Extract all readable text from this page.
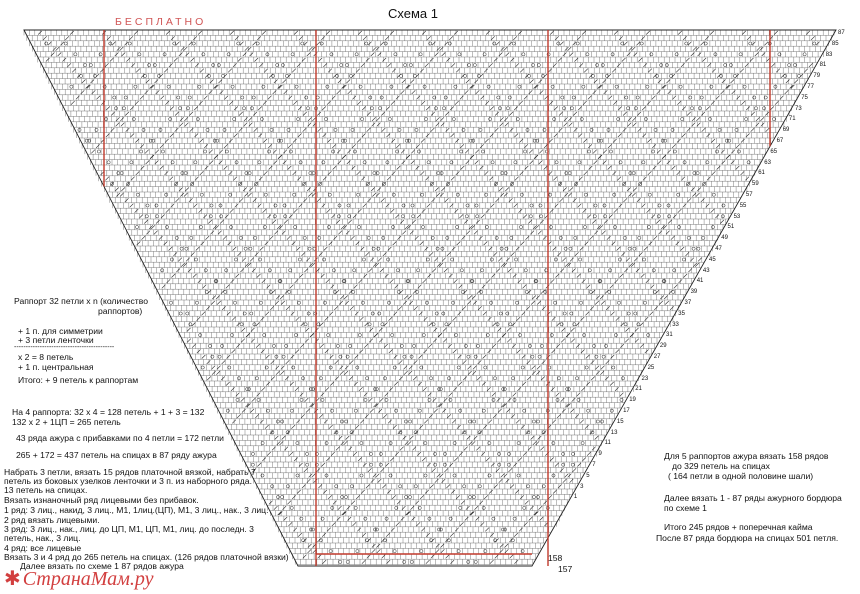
Схема 1
БЕСПЛАТНО
87
85
83
81
79
77
75
73
71
69
67
65
63
61
59
57
55
53
51
49
47
45
43
41
39
37
35
33
31
29
27
25
23
21
19
17
15
13
11
9
7
5
3
1
Раппорт 32 петли х n (количество
раппортов)
+ 1 п. для симметрии
+ 3 петли ленточки
-------------------------------------------
х 2 = 8 петель
+ 1 п. центральная
Итого: + 9 петель к раппортам
На 4 раппорта: 32 х 4 = 128 петель + 1 + 3 = 132
132 х 2 + 1ЦП = 265 петель
43 ряда ажура с прибавками по 4 петли = 172 петли
265 + 172 = 437 петель на спицах в 87 ряду ажура
Набрать 3 петли, вязать 15 рядов платочной вязкой, набрать 7
петель из боковых узелков ленточки и 3 п. из наборного ряда.
13 петель на спицах.
Вязать изнаночный ряд лицевыми без прибавок.
1 ряд: 3 лиц., накид, 3 лиц., М1, 1лиц.(ЦП), М1, 3 лиц., нак., 3 лиц.
2 ряд вязать лицевыми.
3 ряд: 3 лиц., нак., лиц. до ЦП, М1, ЦП, М1, лиц. до последн. 3
петель, нак., 3 лиц.
4 ряд: все лицевые
Вязать 3 и 4 ряд до 265 петель на спицах. (126 рядов платочной вязки)
Далее вязать по схеме 1 87 рядов ажура
Для 5 раппортов ажура вязать 158 рядов
до 329 петель на спицах
( 164 петли в одной половине шали)
Далее вязать 1 - 87 ряды ажурного бордюра
по схеме 1
Итого 245 рядов + поперечная кайма
После 87 ряда бордюра на спицах 501 петля.
158
157
✱ СтранаМам.ру
